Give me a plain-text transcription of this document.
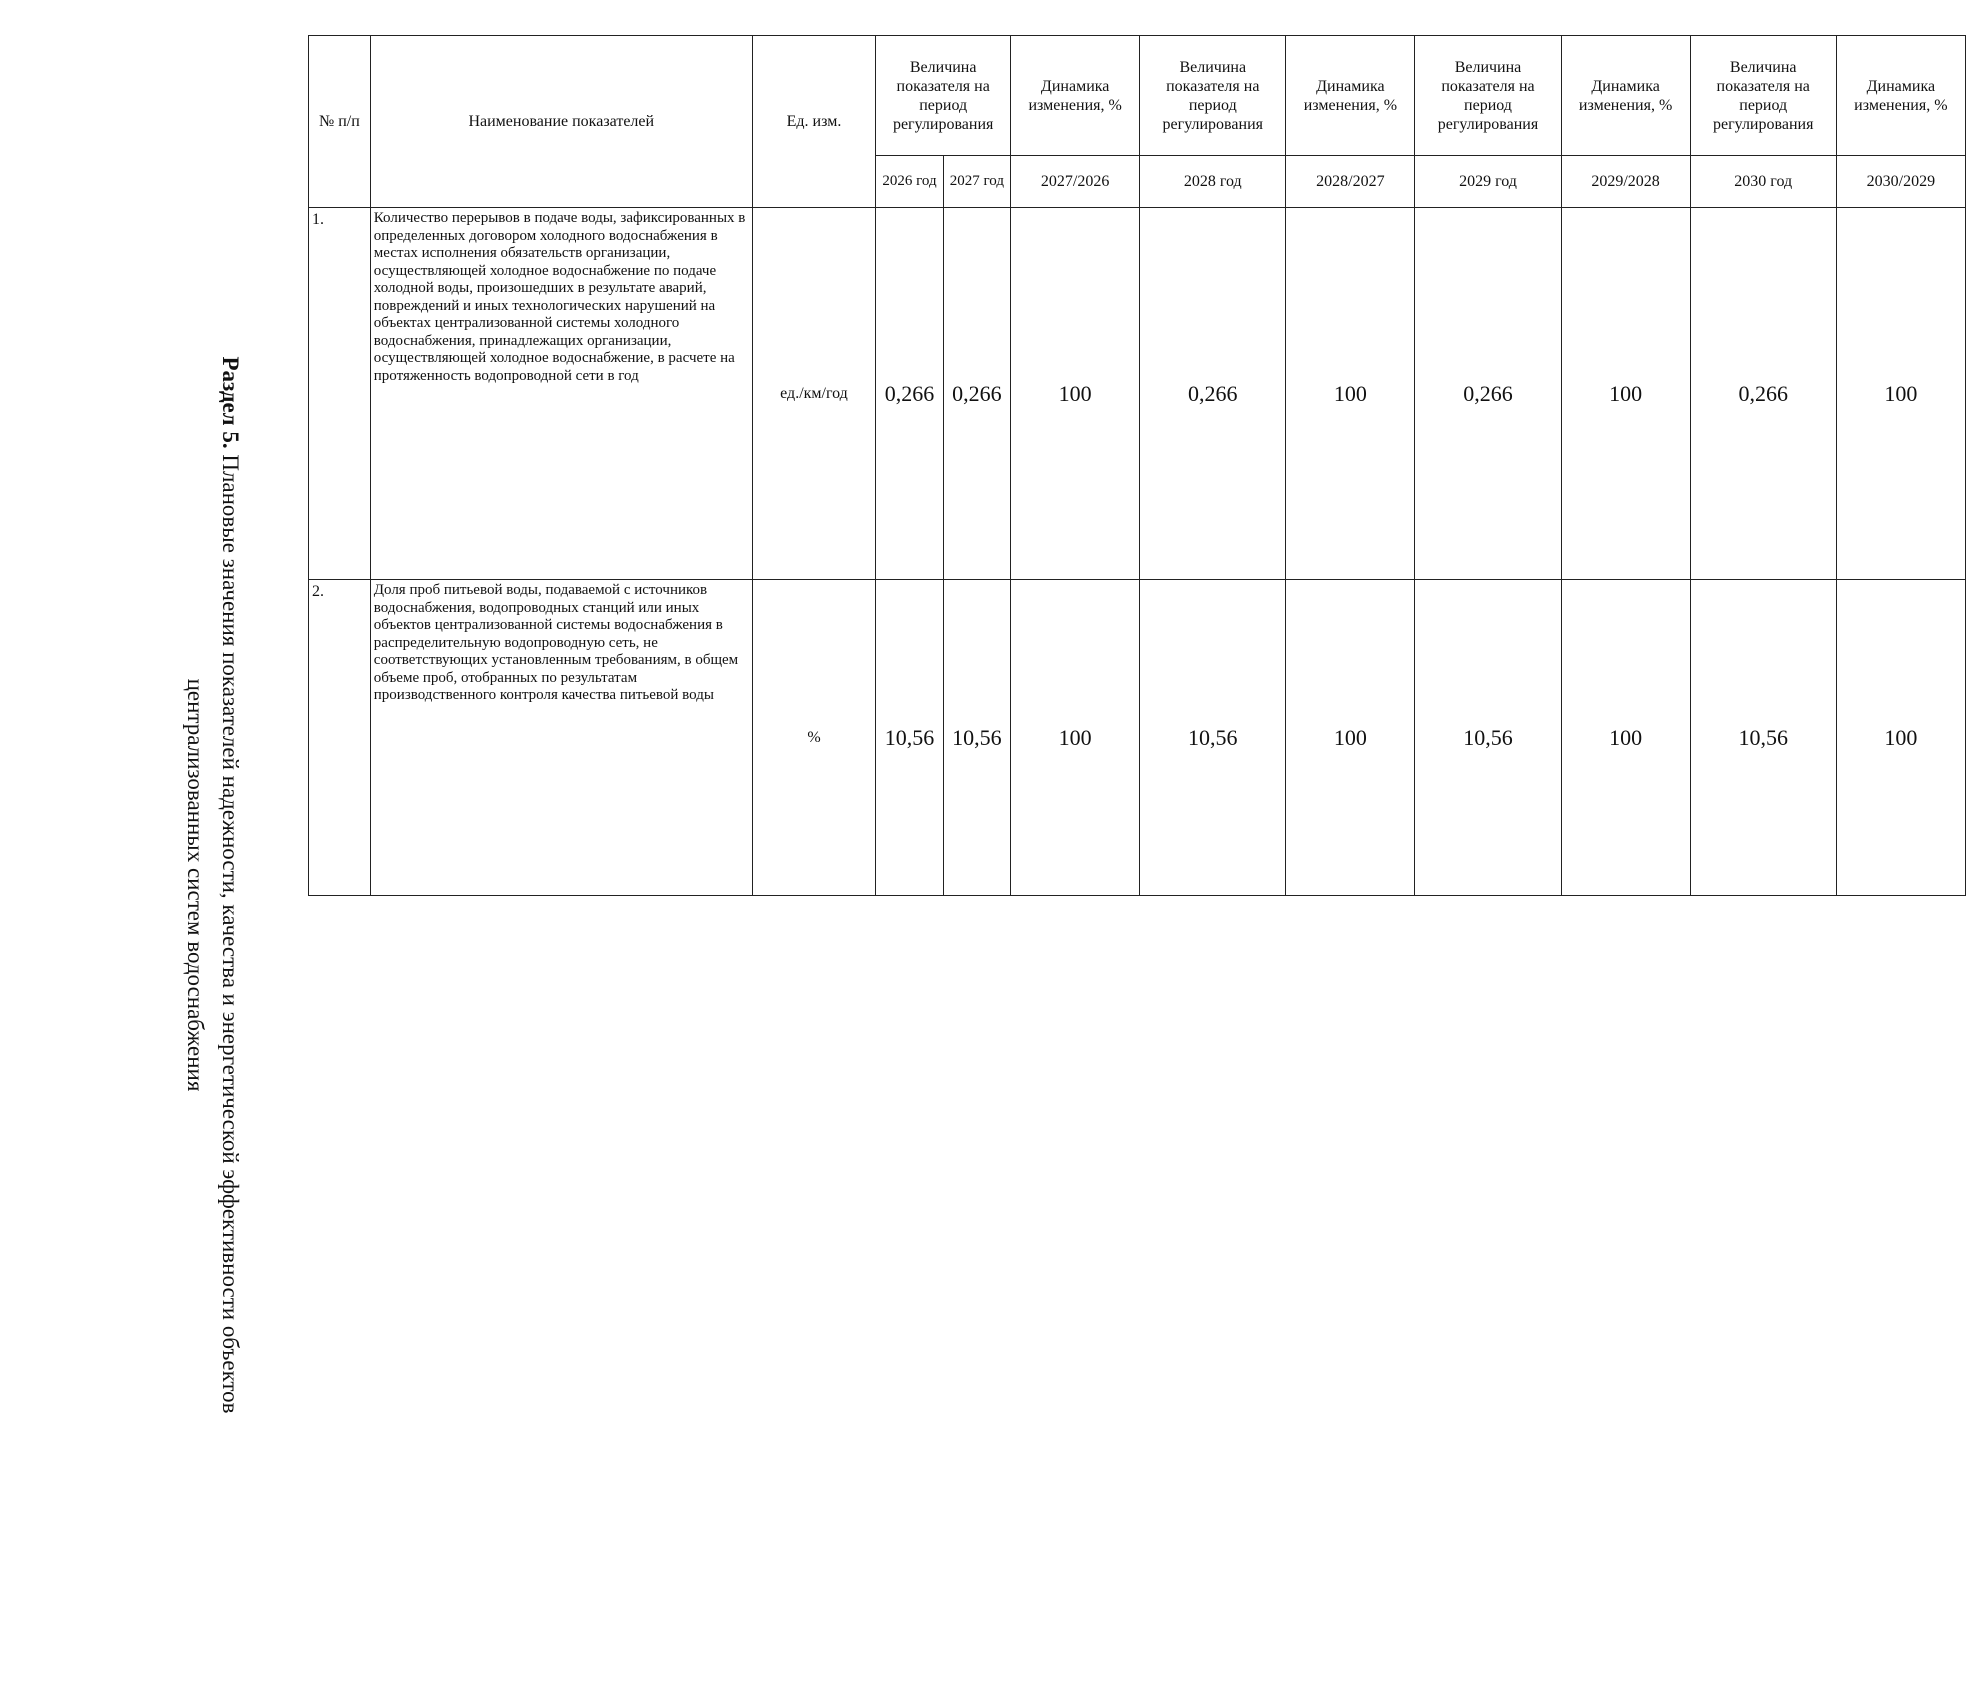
Раздел 5. Плановые значения показателей надежности, качества и энергетической эффективности объектов
централизованных систем водоснабжения
№ п/п	Наименование показателей	Ед. изм.	Величина показателя на период регулирования		Динамика изменения, %	Величина показателя на период регулирования	Динамика изменения, %	Величина показателя на период регулирования	Динамика изменения, %	Величина показателя на период регулирования	Динамика изменения, %
			2026 год	2027 год	2027/2026	2028 год	2028/2027	2029 год	2029/2028	2030 год	2030/2029
1.	Количество перерывов в подаче воды, зафиксированных в определенных договором холодного водоснабжения в местах исполнения обязательств организации, осуществляющей холодное водоснабжение по подаче холодной воды, произошедших в результате аварий, повреждений и иных технологических нарушений на объектах централизованной системы холодного водоснабжения, принадлежащих организации, осуществляющей холодное водоснабжение, в расчете на протяженность водопроводной сети в год	ед./км/год	0,266	0,266	100	0,266	100	0,266	100	0,266	100
2.	Доля проб питьевой воды, подаваемой с источников водоснабжения, водопроводных станций или иных объектов централизованной системы водоснабжения в распределительную водопроводную сеть, не соответствующих установленным требованиям, в общем объеме проб, отобранных по результатам производственного контроля качества питьевой воды	%	10,56	10,56	100	10,56	100	10,56	100	10,56	100
